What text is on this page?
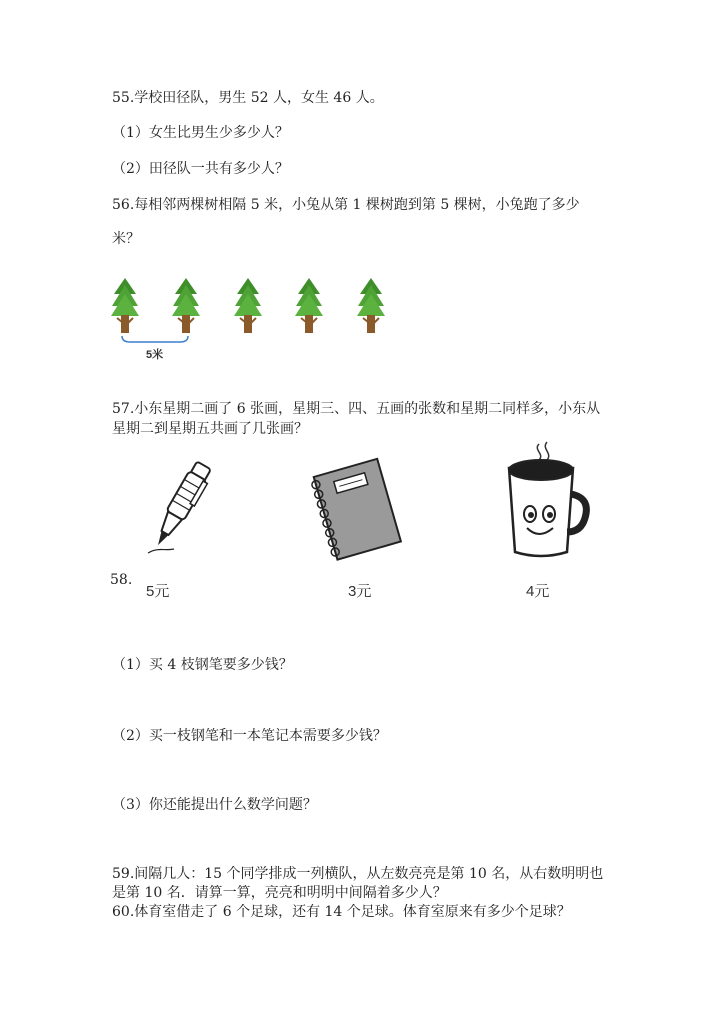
55.学校田径队，男生 52 人，女生 46 人。
（1）女生比男生少多少人？
（2）田径队一共有多少人？
56.每相邻两棵树相隔 5 米，小兔从第 1 棵树跑到第 5 棵树，小兔跑了多少
米？
5米
57.小东星期二画了 6 张画，星期三、四、五画的张数和星期二同样多，小东从
星期二到星期五共画了几张画？
58.
5元	3元	4元
（1）买 4 枝钢笔要多少钱？
（2）买一枝钢笔和一本笔记本需要多少钱？
（3）你还能提出什么数学问题？
59.间隔几人：15 个同学排成一列横队，从左数亮亮是第 10 名，从右数明明也
是第 10 名．请算一算，亮亮和明明中间隔着多少人？
60.体育室借走了 6 个足球，还有 14 个足球。体育室原来有多少个足球？
